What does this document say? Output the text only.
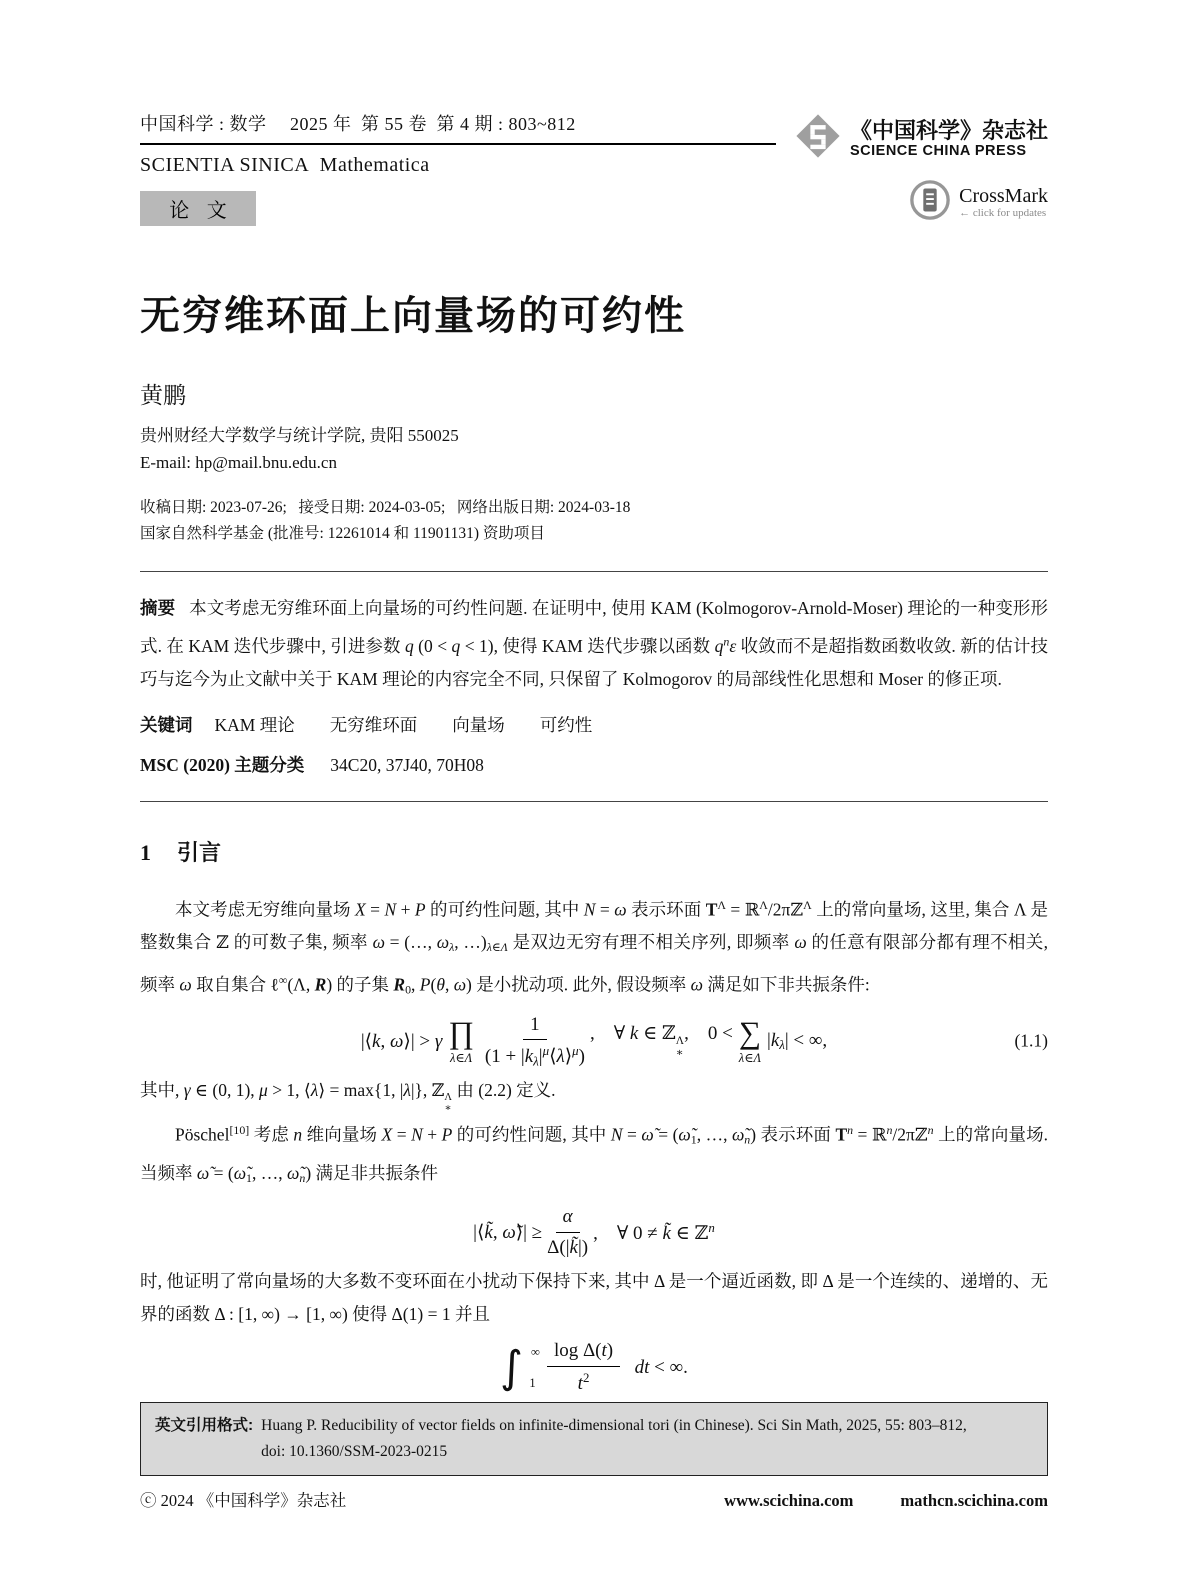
中国科学 : 数学  2025 年 第 55 卷 第 4 期 : 803~812
SCIENTIA SINICA Mathematica
论 文
《中国科学》杂志社
SCIENCE CHINA PRESS
CrossMark
← click for updates
无穷维环面上向量场的可约性
黄鹏
贵州财经大学数学与统计学院, 贵阳 550025
E-mail: hp@mail.bnu.edu.cn
收稿日期: 2023-07-26;  接受日期: 2024-03-05;  网络出版日期: 2024-03-18
国家自然科学基金 (批准号: 12261014 和 11901131) 资助项目

摘要 本文考虑无穷维环面上向量场的可约性问题. 在证明中, 使用 KAM (Kolmogorov-Arnold-Moser) 理论的一种变形形式. 在 KAM 迭代步骤中, 引进参数 q (0 < q < 1), 使得 KAM 迭代步骤以函数 $q^n\varepsilon$ 收敛而不是超指数函数收敛. 新的估计技巧与迄今为止文献中关于 KAM 理论的内容完全不同, 只保留了 Kolmogorov 的局部线性化思想和 Moser 的修正项.

关键词 KAM 理论 无穷维环面 向量场 可约性

MSC (2020) 主题分类 34C20, 37J40, 70H08

1 引言

本文考虑无穷维向量场 X = N + P 的可约性问题, 其中 N = ω 表示环面 $T^\Lambda$ = ℝ$^\Lambda$/2πℤ$^\Lambda$ 上的常向量场, 这里, 集合 Λ 是整数集合 ℤ 的可数子集, 频率 ω = (…, ωλ, …)λ∈Λ 是双边无穷有理不相关序列, 即频率 ω 的任意有限部分都有理不相关, 频率 ω 取自集合 ℓ∞(Λ, R) 的子集 R0, P(θ, ω) 是小扰动项. 此外, 假设频率 ω 满足如下非共振条件:

|⟨k, ω⟩| > γ ∏
λ∈Λ $\frac{1}{(1 + |k\lambda|^\mu⟨\lambda⟩^\mu)}$ , ∀ k ∈ ℤ Λ
∗
, 0 < ∑
λ∈Λ
|kλ| < ∞,	(1.1)

其中, γ ∈ (0, 1), μ > 1, ⟨λ⟩ = max{1, |λ|}, ℤ Λ
∗
由 (2.2) 定义.

Pöschel[10] 考虑 n 维向量场 X = N + P 的可约性问题, 其中 N = ω̃ = (ω̃1, …, ω̃n) 表示环面 $T^n$ = ℝ$^n$/2πℤ$^n$ 上的常向量场. 当频率 ω̃ = (ω̃1, …, ω̃n) 满足非共振条件

|⟨k̃, ω̃⟩| ≥ $\frac{\alpha}{\Delta(|k̃|)}$ , ∀ 0 ≠ k̃ ∈ ℤ$^n$

时, 他证明了常向量场的大多数不变环面在小扰动下保持下来, 其中 Δ 是一个逼近函数, 即 Δ 是一个连续的、递增的、无界的函数 Δ : [1, ∞) → [1, ∞) 使得 Δ(1) = 1 并且

∫ ∞
$1 \frac{\text{log Δ(t)}}{t^2}$
  dt < ∞.
英文引用格式: Huang P. Reducibility of vector fields on infinite-dimensional tori (in Chinese). Sci Sin Math, 2025, 55: 803–812,
doi: 10.1360/SSM-2023-0215
ⓒ 2024 《中国科学》杂志社	www.scichina.com	mathcn.scichina.com
